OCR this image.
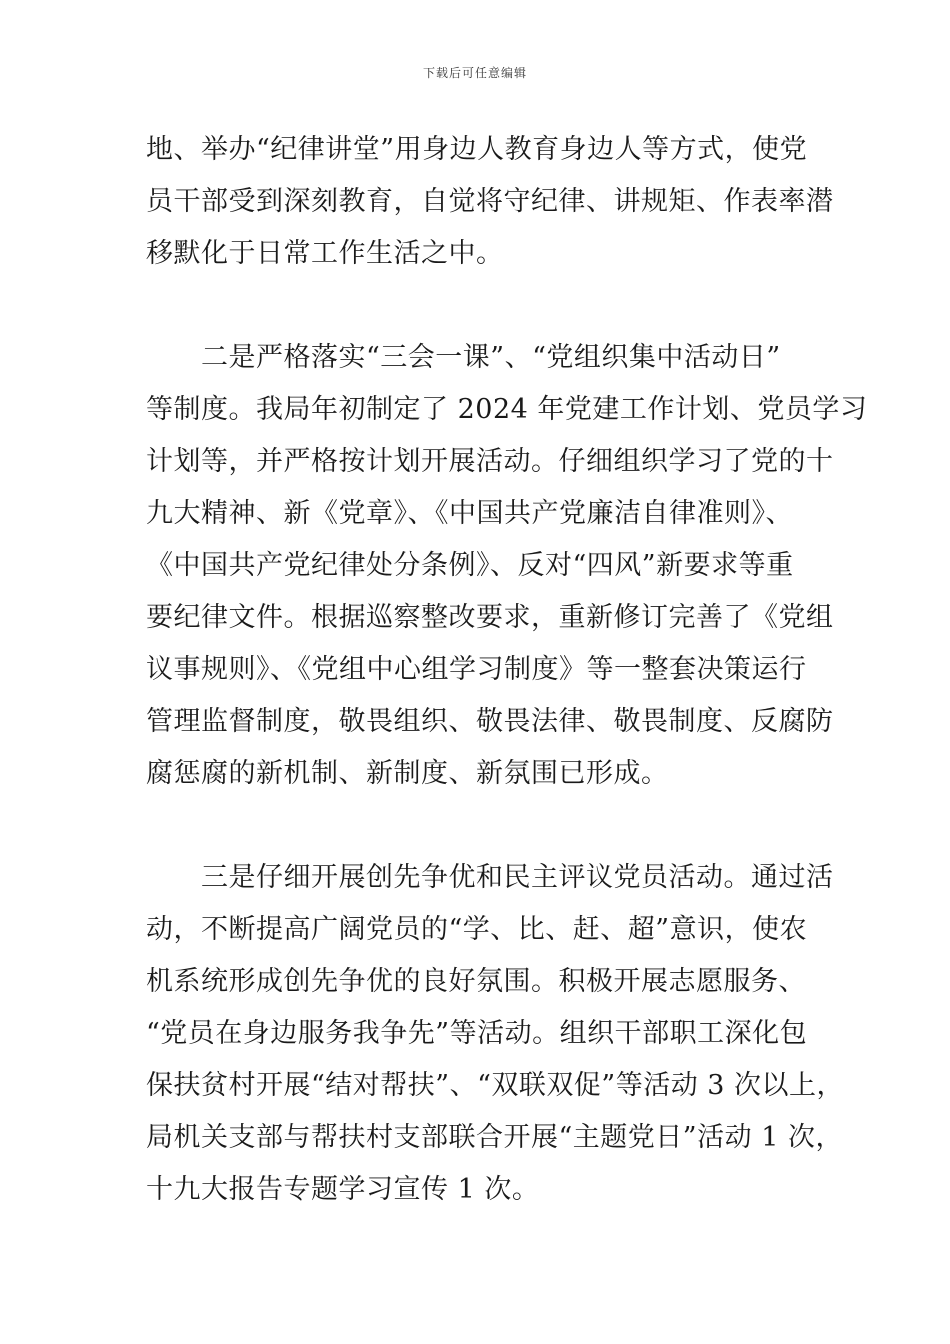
下载后可任意编辑
地、举办“纪律讲堂”用身边人教育身边人等方式，使党
员干部受到深刻教育，自觉将守纪律、讲规矩、作表率潜
移默化于日常工作生活之中。
　　二是严格落实“三会一课”、“党组织集中活动日”
等制度。我局年初制定了 2024 年党建工作计划、党员学习
计划等，并严格按计划开展活动。仔细组织学习了党的十
九大精神、新《党章》、《中国共产党廉洁自律准则》、
《中国共产党纪律处分条例》、反对“四风”新要求等重
要纪律文件。根据巡察整改要求，重新修订完善了《党组
议事规则》、《党组中心组学习制度》等一整套决策运行
管理监督制度，敬畏组织、敬畏法律、敬畏制度、反腐防
腐惩腐的新机制、新制度、新氛围已形成。
　　三是仔细开展创先争优和民主评议党员活动。通过活
动，不断提高广阔党员的“学、比、赶、超”意识，使农
机系统形成创先争优的良好氛围。积极开展志愿服务、
“党员在身边服务我争先”等活动。组织干部职工深化包
保扶贫村开展“结对帮扶”、“双联双促”等活动 3 次以上，
局机关支部与帮扶村支部联合开展“主题党日”活动 1 次，
十九大报告专题学习宣传 1 次。
